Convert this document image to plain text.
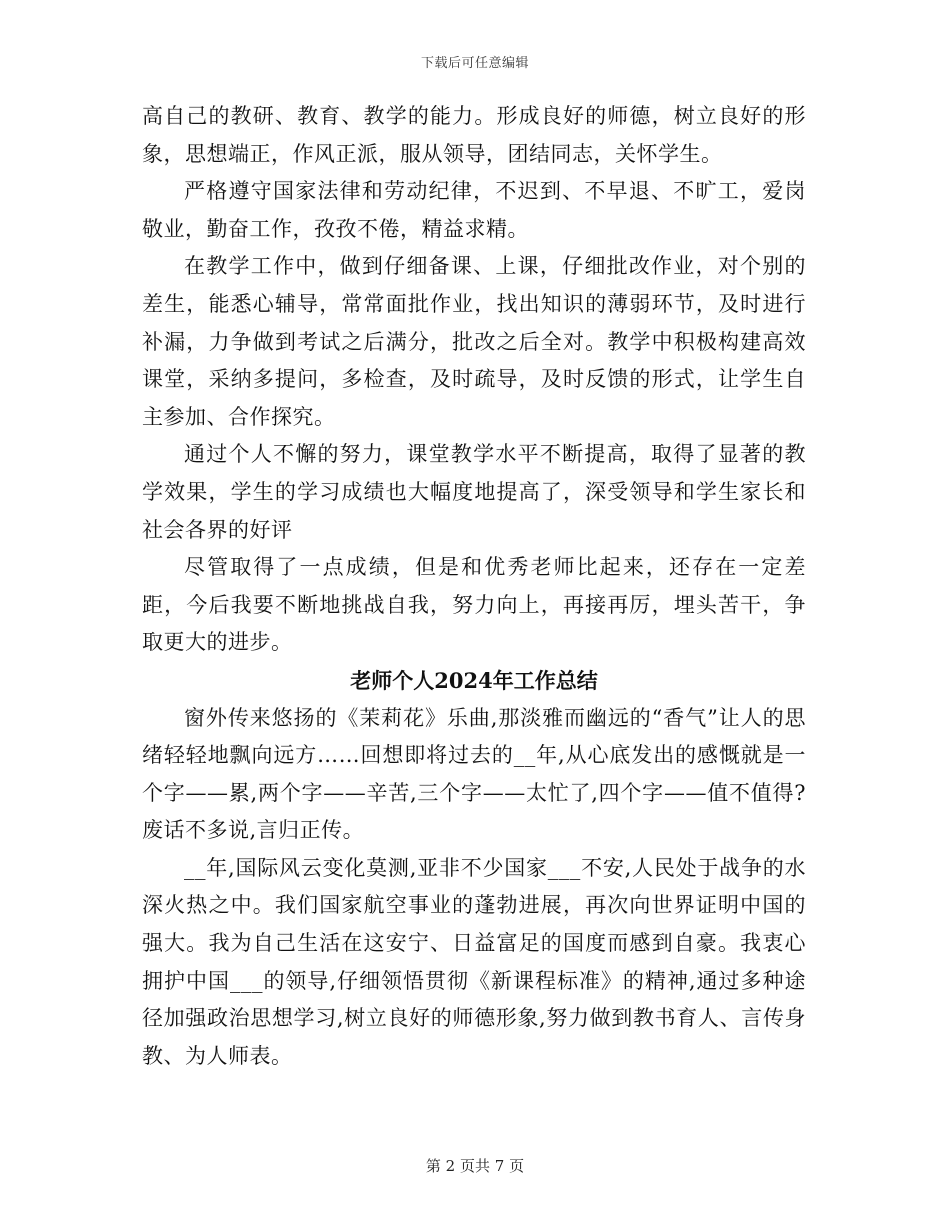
下载后可任意编辑

高自己的教研、教育、教学的能力。形成良好的师德，树立良好的形象，思想端正，作风正派，服从领导，团结同志，关怀学生。

严格遵守国家法律和劳动纪律，不迟到、不早退、不旷工，爱岗敬业，勤奋工作，孜孜不倦，精益求精。

在教学工作中，做到仔细备课、上课，仔细批改作业，对个别的差生，能悉心辅导，常常面批作业，找出知识的薄弱环节，及时进行补漏，力争做到考试之后满分，批改之后全对。教学中积极构建高效课堂，采纳多提问，多检查，及时疏导，及时反馈的形式，让学生自主参加、合作探究。

通过个人不懈的努力，课堂教学水平不断提高，取得了显著的教学效果，学生的学习成绩也大幅度地提高了，深受领导和学生家长和社会各界的好评

尽管取得了一点成绩，但是和优秀老师比起来，还存在一定差距，今后我要不断地挑战自我，努力向上，再接再厉，埋头苦干，争取更大的进步。

老师个人2024年工作总结

窗外传来悠扬的《茉莉花》乐曲,那淡雅而幽远的“香气”让人的思绪轻轻地飘向远方……回想即将过去的__年,从心底发出的感慨就是一个字——累,两个字——辛苦,三个字——太忙了,四个字——值不值得?废话不多说,言归正传。

__年,国际风云变化莫测,亚非不少国家___不安,人民处于战争的水深火热之中。我们国家航空事业的蓬勃进展，再次向世界证明中国的强大。我为自己生活在这安宁、日益富足的国度而感到自豪。我衷心拥护中国___的领导,仔细领悟贯彻《新课程标准》的精神,通过多种途径加强政治思想学习,树立良好的师德形象,努力做到教书育人、言传身教、为人师表。

第 2 页共 7 页
